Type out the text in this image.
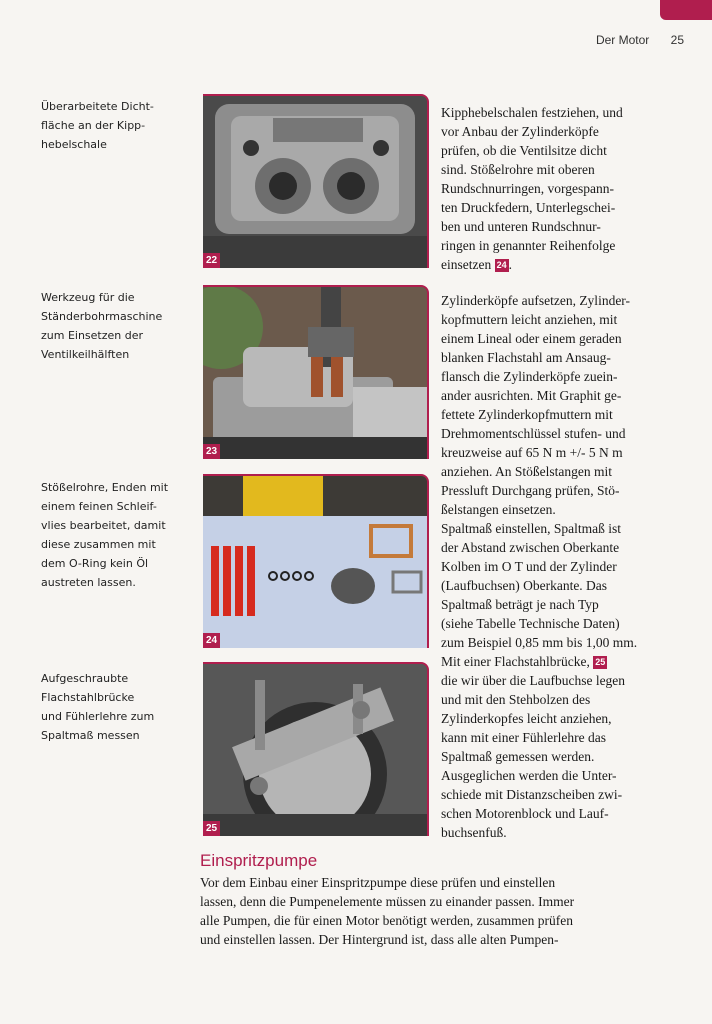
Der Motor 25
Überarbeitete Dicht-
fläche an der Kipp-
hebelschale
Werkzeug für die
Ständerbohrmaschine
zum Einsetzen der
Ventilkeilhälften
Stößelrohre, Enden mit
einem feinen Schleif-
vlies bearbeitet, damit
diese zusammen mit
dem O-Ring kein Öl
austreten lassen.
Aufgeschraubte
Flachstahlbrücke
und Fühlerlehre zum
Spaltmaß messen
22
23
24
25
Kipphebelschalen festziehen, und
vor Anbau der Zylinderköpfe
prüfen, ob die Ventilsitze dicht
sind. Stößelrohre mit oberen
Rundschnurringen, vorgespann-
ten Druckfedern, Unterlegschei-
ben und unteren Rundschnur-
ringen in genannter Reihenfolge
einsetzen 24 .
Zylinderköpfe aufsetzen, Zylinder-
kopfmuttern leicht anziehen, mit
einem Lineal oder einem geraden
blanken Flachstahl am Ansaug-
flansch die Zylinderköpfe zuein-
ander ausrichten. Mit Graphit ge-
fettete Zylinderkopfmuttern mit
Drehmomentschlüssel stufen- und
kreuzweise auf 65 N m +/- 5 N m
anziehen. An Stößelstangen mit
Pressluft Durchgang prüfen, Stö-
ßelstangen einsetzen.
Spaltmaß einstellen, Spaltmaß ist
der Abstand zwischen Oberkante
Kolben im O T und der Zylinder
(Laufbuchsen) Oberkante. Das
Spaltmaß beträgt je nach Typ
(siehe Tabelle Technische Daten)
zum Beispiel 0,85 mm bis 1,00 mm.
Mit einer Flachstahlbrücke, 25
die wir über die Laufbuchse legen
und mit den Stehbolzen des
Zylinderkopfes leicht anziehen,
kann mit einer Fühlerlehre das
Spaltmaß gemessen werden.
Ausgeglichen werden die Unter-
schiede mit Distanzscheiben zwi-
schen Motorenblock und Lauf-
buchsenfuß.
Einspritzpumpe
Vor dem Einbau einer Einspritzpumpe diese prüfen und einstellen
lassen, denn die Pumpenelemente müssen zu einander passen. Immer
alle Pumpen, die für einen Motor benötigt werden, zusammen prüfen
und einstellen lassen. Der Hintergrund ist, dass alle alten Pumpen-
